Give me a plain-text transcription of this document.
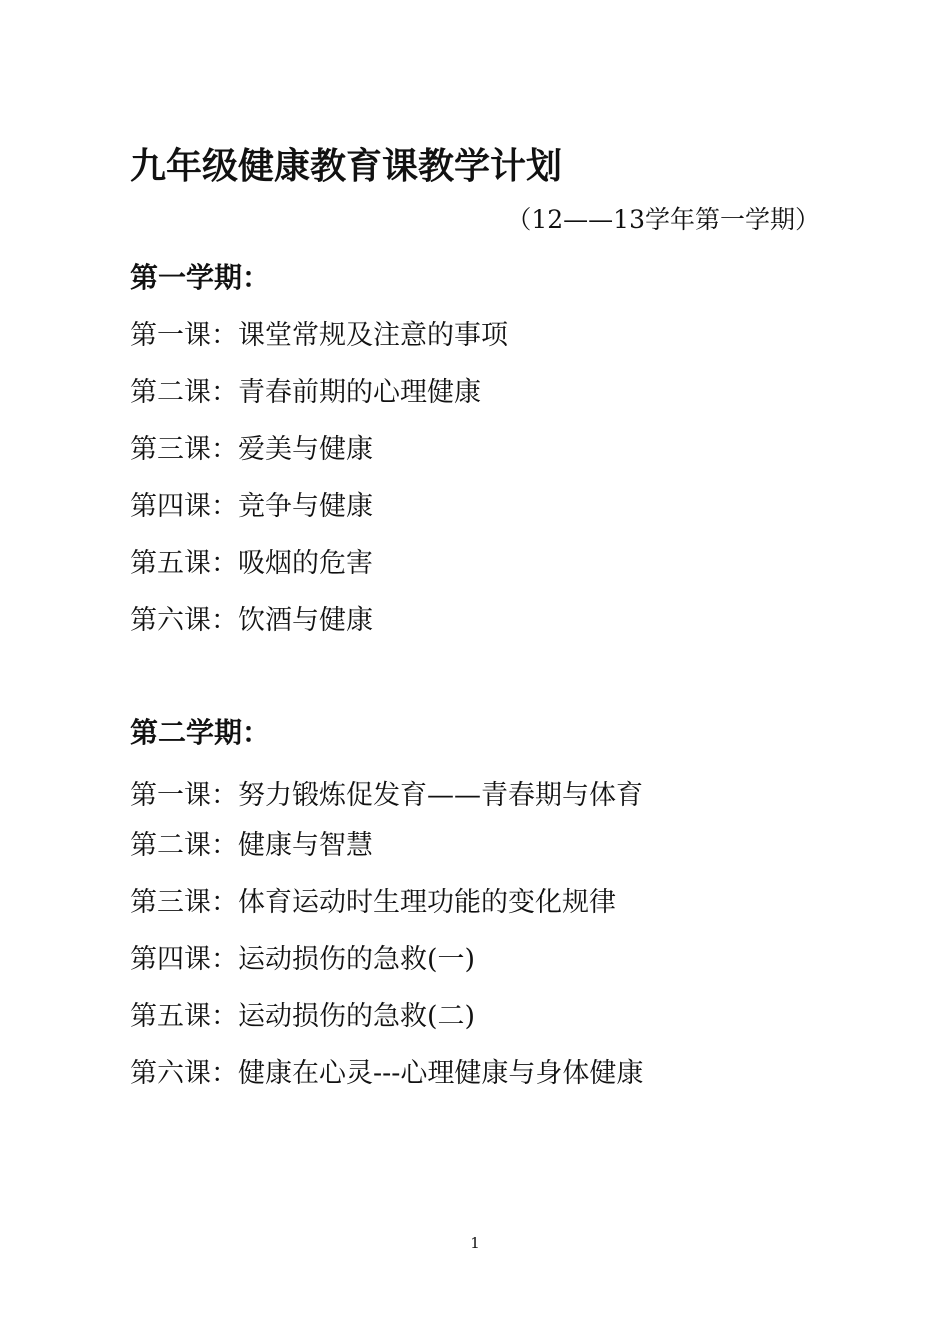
九年级健康教育课教学计划
（12——13学年第一学期）
第一学期：
第一课：课堂常规及注意的事项
第二课：青春前期的心理健康
第三课：爱美与健康
第四课：竞争与健康
第五课：吸烟的危害
第六课：饮酒与健康
第二学期：
第一课：努力锻炼促发育——青春期与体育
第二课：健康与智慧
第三课：体育运动时生理功能的变化规律
第四课：运动损伤的急救(一)
第五课：运动损伤的急救(二)
第六课：健康在心灵---心理健康与身体健康
1
